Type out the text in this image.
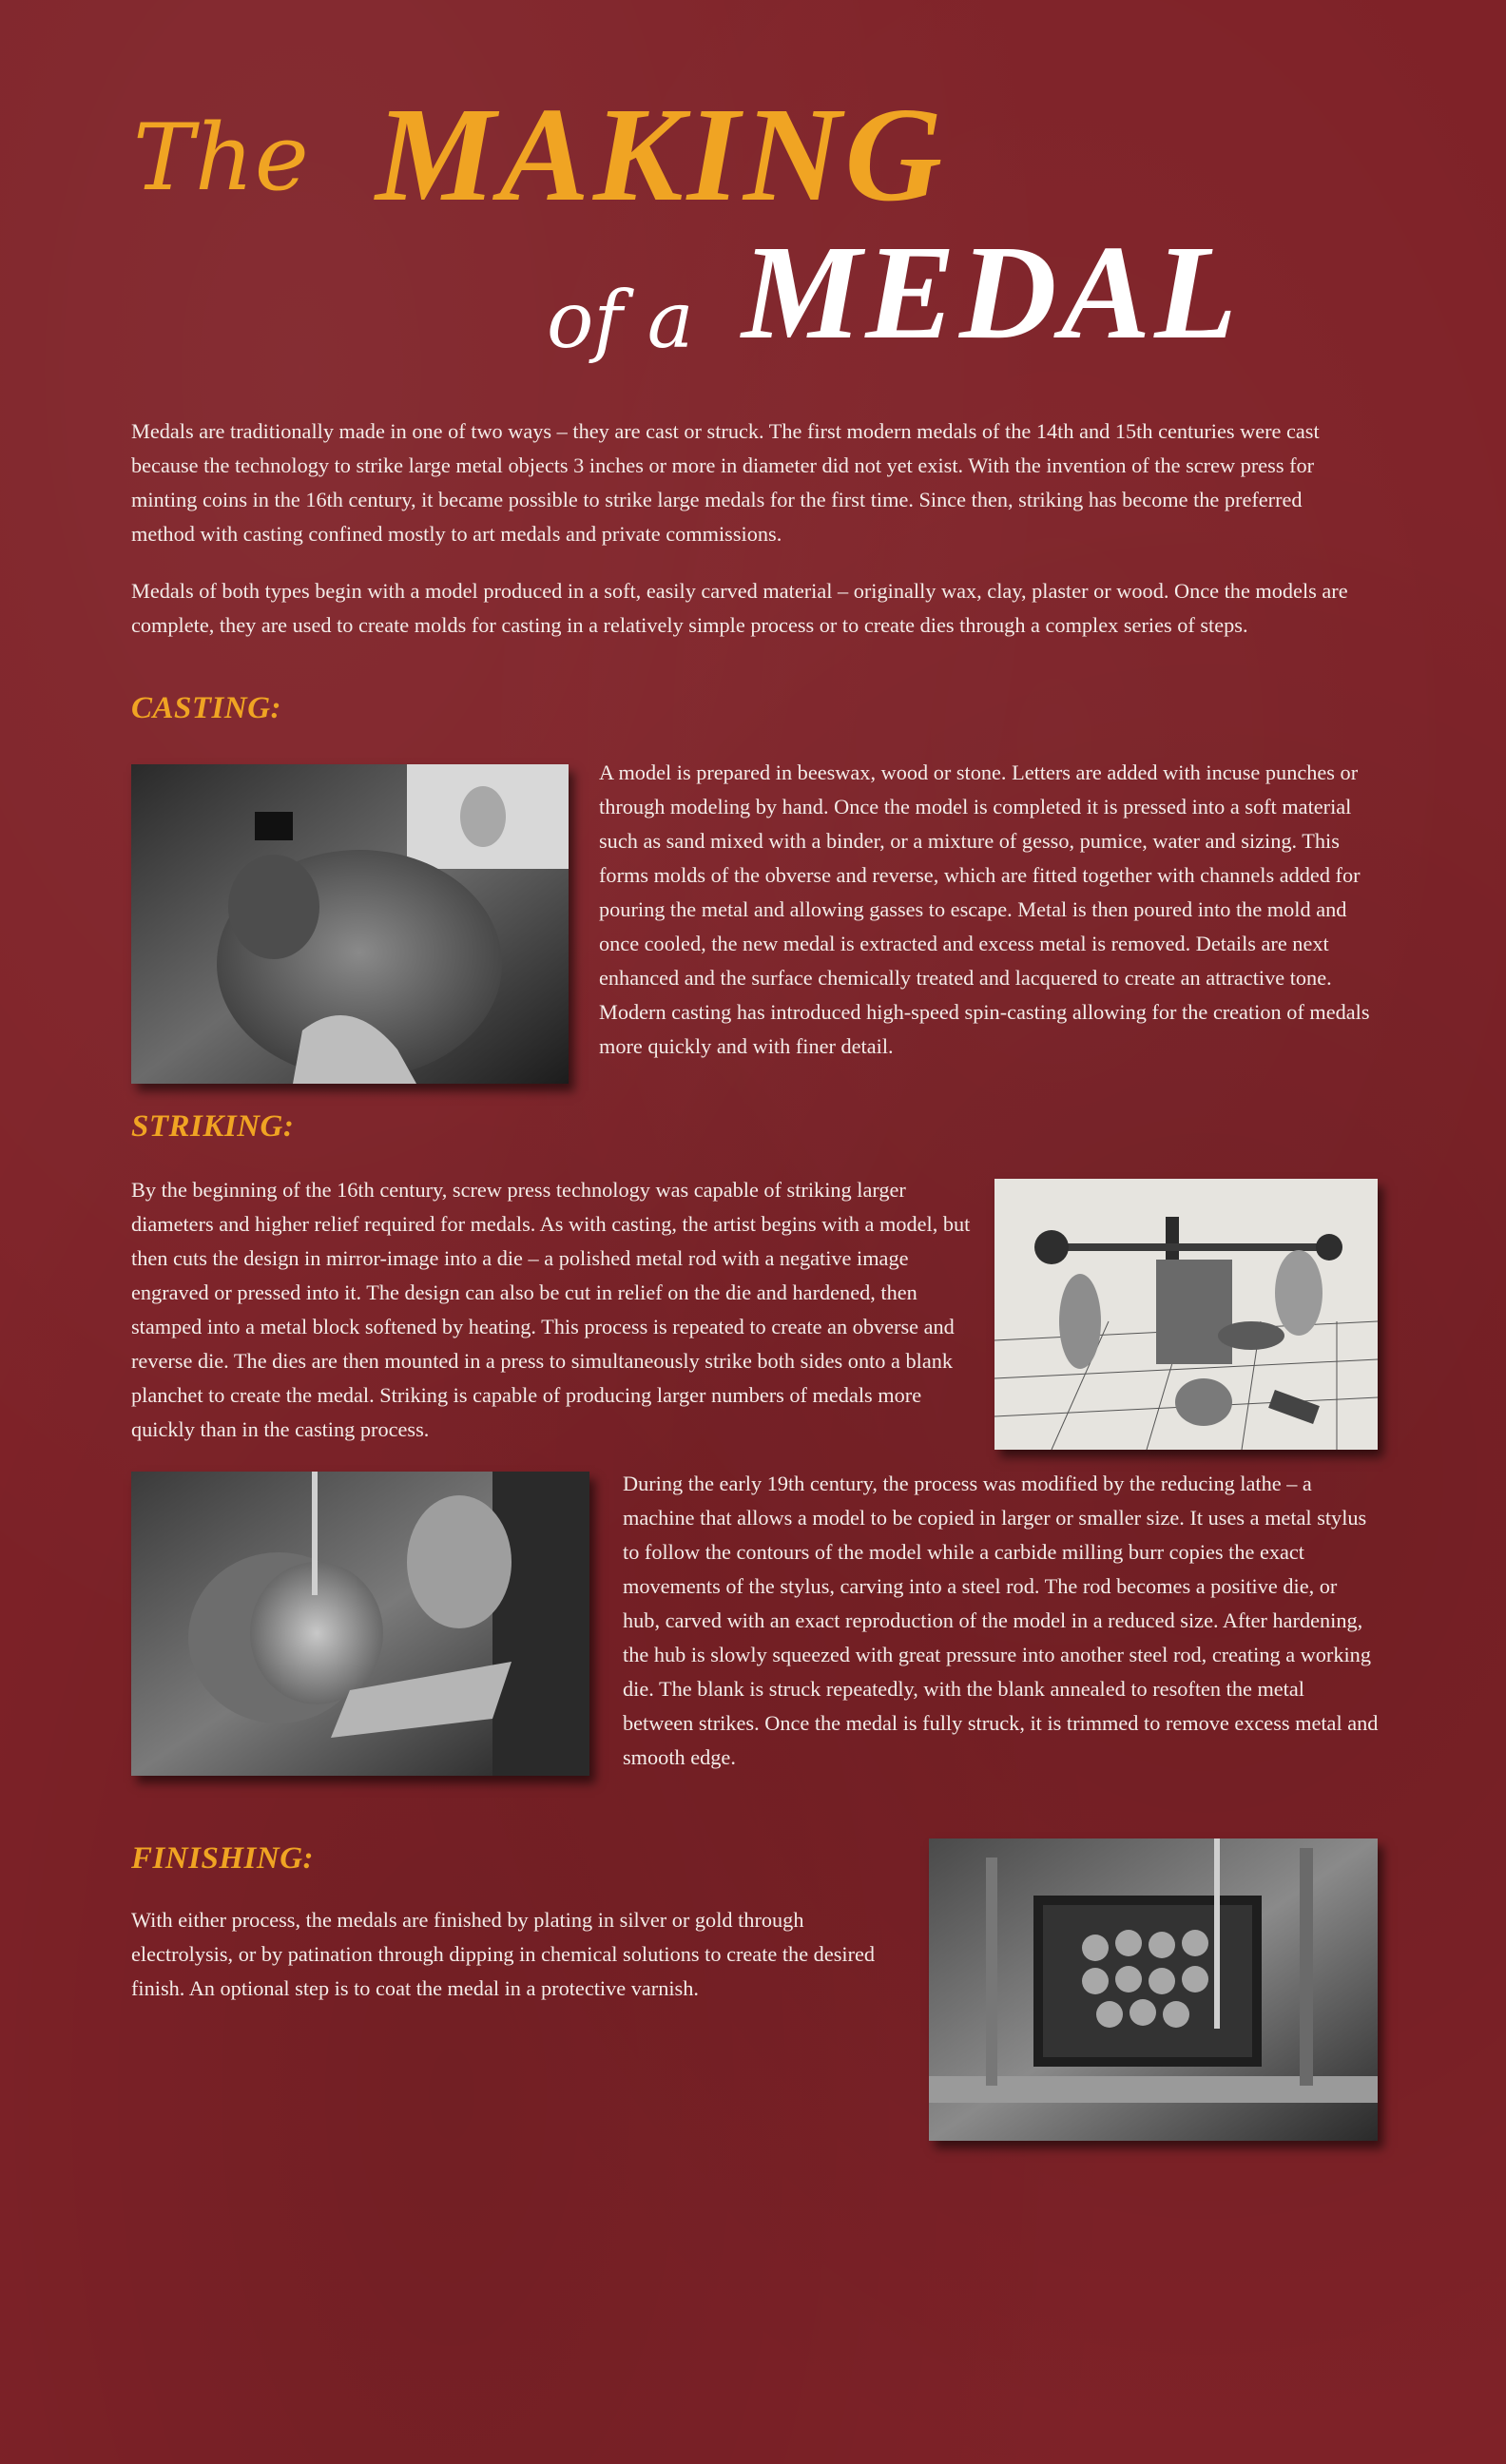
The MAKING
of a MEDAL

Medals are traditionally made in one of two ways – they are cast or struck. The first modern medals of the 14th and 15th centuries were cast because the technology to strike large metal objects 3 inches or more in diameter did not yet exist. With the invention of the screw press for minting coins in the 16th century, it became possible to strike large medals for the first time. Since then, striking has become the preferred method with casting confined mostly to art medals and private commissions.

Medals of both types begin with a model produced in a soft, easily carved material – originally wax, clay, plaster or wood. Once the models are complete, they are used to create molds for casting in a relatively simple process or to create dies through a complex series of steps.

CASTING:

A model is prepared in beeswax, wood or stone. Letters are added with incuse punches or through modeling by hand. Once the model is completed it is pressed into a soft material such as sand mixed with a binder, or a mixture of gesso, pumice, water and sizing. This forms molds of the obverse and reverse, which are fitted together with channels added for pouring the metal and allowing gasses to escape. Metal is then poured into the mold and once cooled, the new medal is extracted and excess metal is removed. Details are next enhanced and the surface chemically treated and lacquered to create an attractive tone. Modern casting has introduced high-speed spin-casting allowing for the creation of medals more quickly and with finer detail.

STRIKING:

By the beginning of the 16th century, screw press technology was capable of striking larger diameters and higher relief required for medals. As with casting, the artist begins with a model, but then cuts the design in mirror-image into a die – a polished metal rod with a negative image engraved or pressed into it. The design can also be cut in relief on the die and hardened, then stamped into a metal block softened by heating. This process is repeated to create an obverse and reverse die. The dies are then mounted in a press to simultaneously strike both sides onto a blank planchet to create the medal. Striking is capable of producing larger numbers of medals more quickly than in the casting process.

During the early 19th century, the process was modified by the reducing lathe – a machine that allows a model to be copied in larger or smaller size. It uses a metal stylus to follow the contours of the model while a carbide milling burr copies the exact movements of the stylus, carving into a steel rod. The rod becomes a positive die, or hub, carved with an exact reproduction of the model in a reduced size. After hardening, the hub is slowly squeezed with great pressure into another steel rod, creating a working die. The blank is struck repeatedly, with the blank annealed to resoften the metal between strikes. Once the medal is fully struck, it is trimmed to remove excess metal and smooth edge.

FINISHING:

With either process, the medals are finished by plating in silver or gold through electrolysis, or by patination through dipping in chemical solutions to create the desired finish. An optional step is to coat the medal in a protective varnish.
